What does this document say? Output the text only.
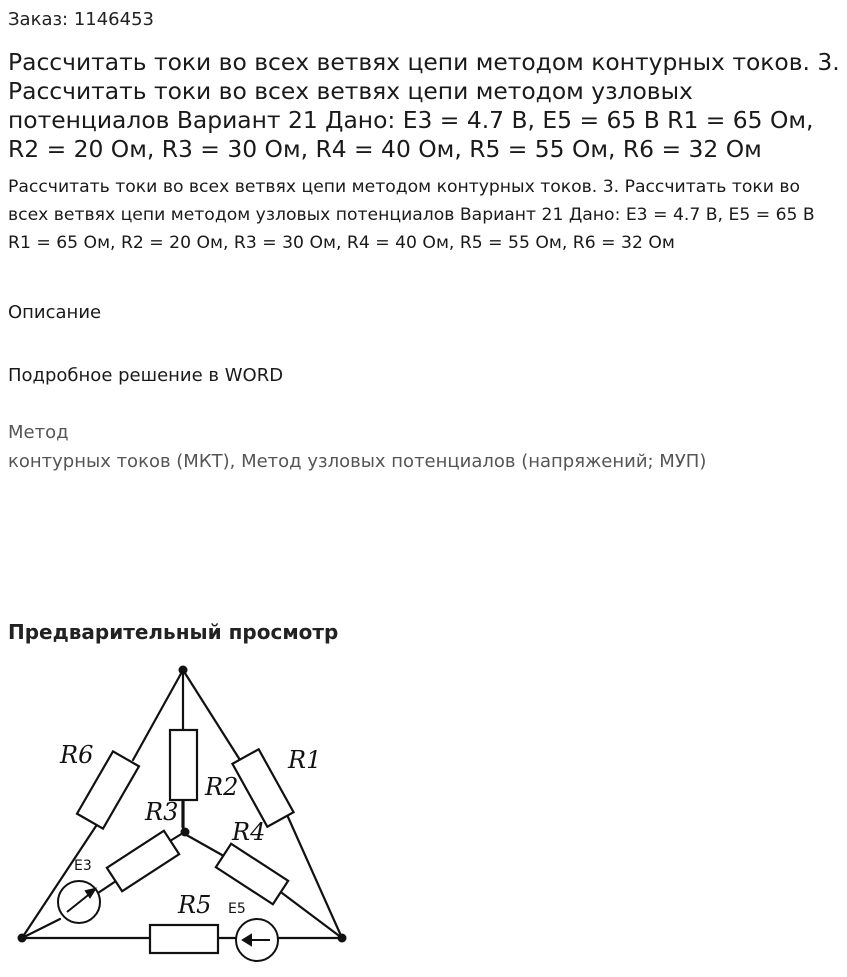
Заказ: 1146453
Рассчитать токи во всех ветвях цепи методом контурных токов. 3. Рассчитать токи во всех ветвях цепи методом узловых потенциалов Вариант 21 Дано: E3 = 4.7 В, E5 = 65 В R1 = 65 Ом, R2 = 20 Ом, R3 = 30 Ом, R4 = 40 Ом, R5 = 55 Ом, R6 = 32 Ом
Рассчитать токи во всех ветвях цепи методом контурных токов. 3. Рассчитать токи во всех ветвях цепи методом узловых потенциалов Вариант 21 Дано: E3 = 4.7 В, E5 = 65 В R1 = 65 Ом, R2 = 20 Ом, R3 = 30 Ом, R4 = 40 Ом, R5 = 55 Ом, R6 = 32 Ом
Описание
Подробное решение в WORD
Метод
контурных токов (МКТ), Метод узловых потенциалов (напряжений; МУП)
Предварительный просмотр
R6	R1
R2
R3
R4
R5
E3
E5
